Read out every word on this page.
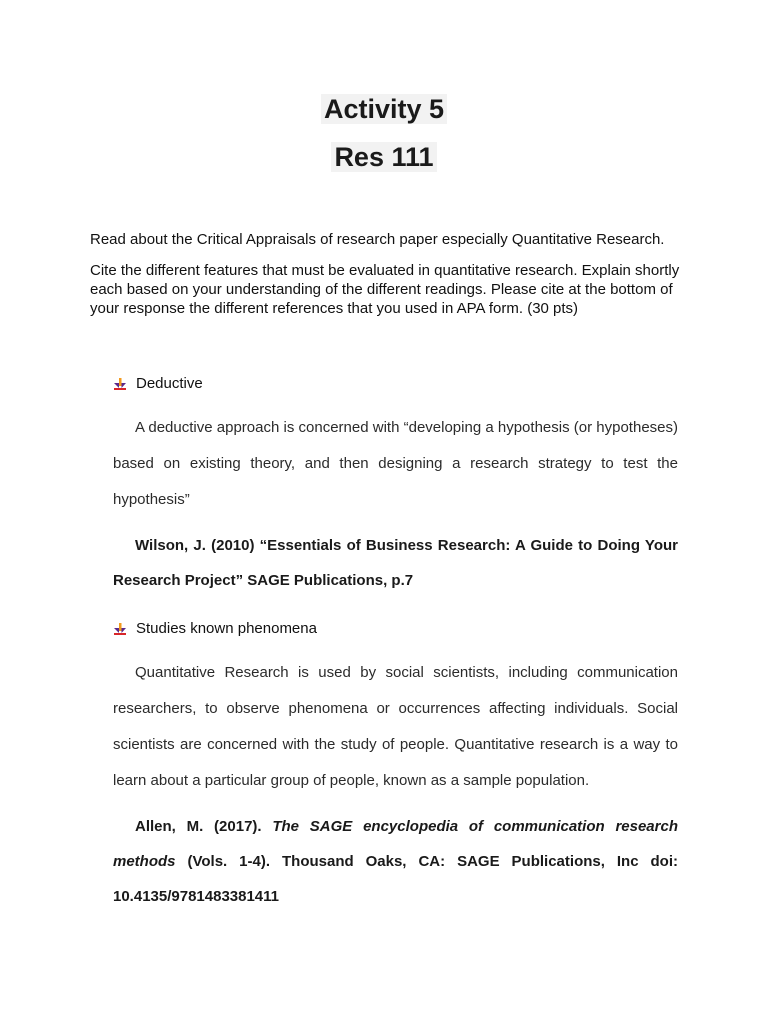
Activity 5
Res 111
Read about the Critical Appraisals of research paper especially Quantitative Research.
Cite the different features that must be evaluated in quantitative research. Explain shortly each based on your understanding of the different readings. Please cite at the bottom of your response the different references that you used in APA form. (30 pts)
Deductive
A deductive approach is concerned with “developing a hypothesis (or hypotheses) based on existing theory, and then designing a research strategy to test the hypothesis”
Wilson, J. (2010) “Essentials of Business Research: A Guide to Doing Your Research Project” SAGE Publications, p.7
Studies known phenomena
Quantitative Research is used by social scientists, including communication researchers, to observe phenomena or occurrences affecting individuals. Social scientists are concerned with the study of people. Quantitative research is a way to learn about a particular group of people, known as a sample population.
Allen, M. (2017). The SAGE encyclopedia of communication research methods (Vols. 1-4). Thousand Oaks, CA: SAGE Publications, Inc doi: 10.4135/9781483381411
